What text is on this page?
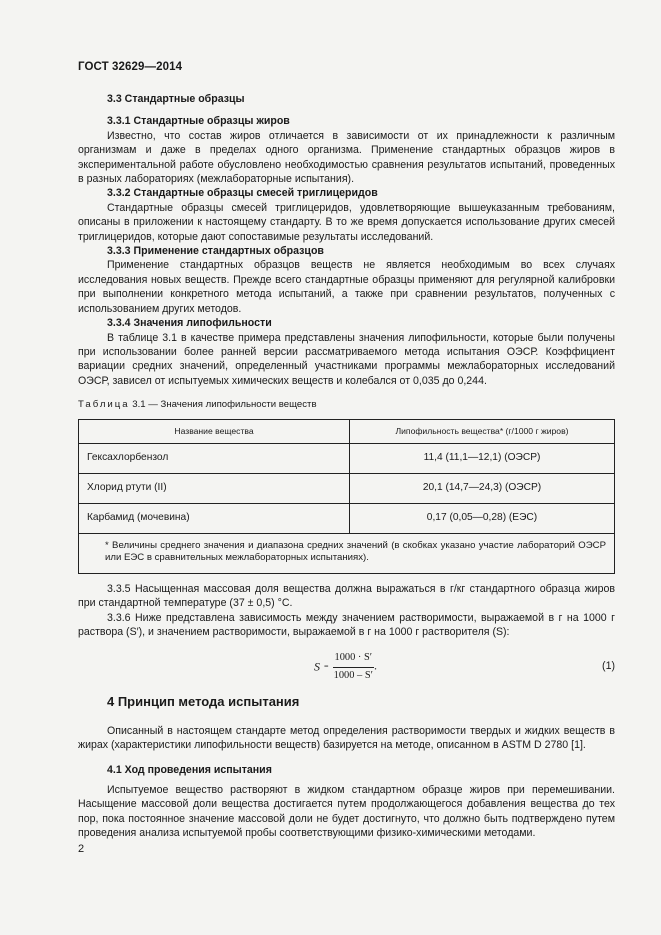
ГОСТ 32629—2014
3.3 Стандартные образцы
3.3.1 Стандартные образцы жиров

Известно, что состав жиров отличается в зависимости от их принадлежности к различным организмам и даже в пределах одного организма. Применение стандартных образцов жиров в экспериментальной работе обусловлено необходимостью сравнения результатов испытаний, проведенных в разных лабораториях (межлабораторные испытания).

3.3.2 Стандартные образцы смесей триглицеридов

Стандартные образцы смесей триглицеридов, удовлетворяющие вышеуказанным требованиям, описаны в приложении к настоящему стандарту. В то же время допускается использование других смесей триглицеридов, которые дают сопоставимые результаты исследований.

3.3.3 Применение стандартных образцов

Применение стандартных образцов веществ не является необходимым во всех случаях исследования новых веществ. Прежде всего стандартные образцы применяют для регулярной калибровки при выполнении конкретного метода испытаний, а также при сравнении результатов, полученных с использованием других методов.

3.3.4 Значения липофильности

В таблице 3.1 в качестве примера представлены значения липофильности, которые были получены при использовании более ранней версии рассматриваемого метода испытания ОЭСР. Коэффициент вариации средних значений, определенный участниками программы межлабораторных исследований ОЭСР, зависел от испытуемых химических веществ и колебался от 0,035 до 0,244.

Таблица 3.1 — Значения липофильности веществ
Название вещества	Липофильность вещества* (г/1000 г жиров)
Гексахлорбензол	11,4 (11,1—12,1) (ОЭСР)
Хлорид ртути (II)	20,1 (14,7—24,3) (ОЭСР)
Карбамид (мочевина)	0,17 (0,05—0,28) (ЕЭС)

* Величины среднего значения и диапазона средних значений (в скобках указано участие лабораторий ОЭСР или ЕЭС в сравнительных межлабораторных испытаниях).	

3.3.5 Насыщенная массовая доля вещества должна выражаться в г/кг стандартного образца жиров при стандартной температуре (37 ± 0,5) °С.

3.3.6 Ниже представлена зависимость между значением растворимости, выражаемой в г на 1000 г раствора (S′), и значением растворимости, выражаемой в г на 1000 г растворителя (S):

$S = \frac{1000 \cdot S'}{1000 - S'}$ .	(1)
4 Принцип метода испытания

Описанный в настоящем стандарте метод определения растворимости твердых и жидких веществ в жирах (характеристики липофильности веществ) базируется на методе, описанном в ASTM D 2780 [1].

4.1 Ход проведения испытания

Испытуемое вещество растворяют в жидком стандартном образце жиров при перемешивании. Насыщение массовой доли вещества достигается путем продолжающегося добавления вещества до тех пор, пока постоянное значение массовой доли не будет достигнуто, что должно быть подтверждено путем проведения анализа испытуемой пробы соответствующими физико-химическими методами.

2
